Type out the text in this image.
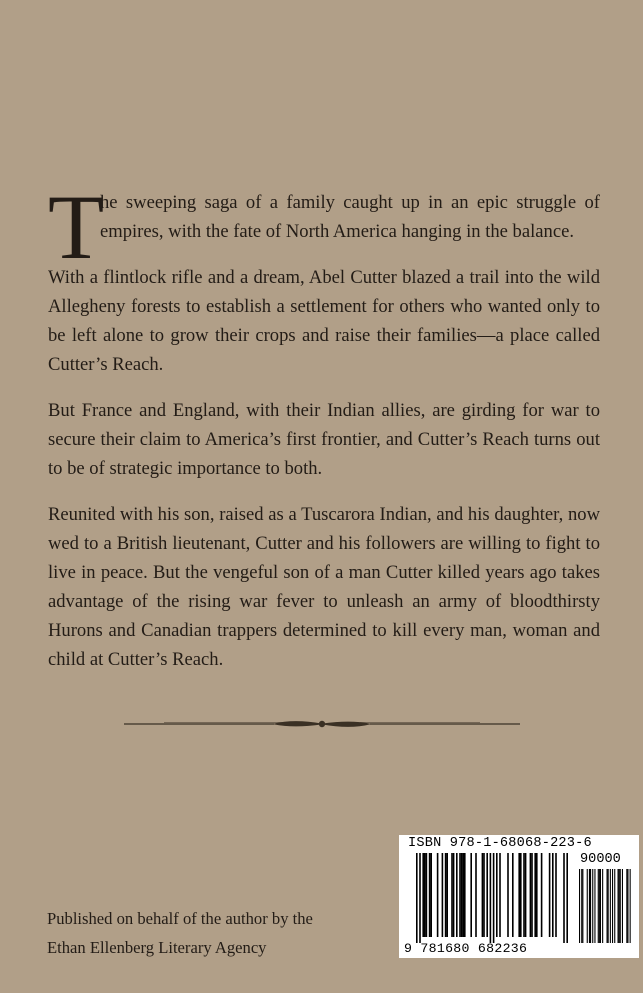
T
he sweeping saga of a family caught up in an epic struggle of empires, with the fate of North America hanging in the balance.

With a flintlock rifle and a dream, Abel Cutter blazed a trail into the wild Allegheny forests to establish a settlement for others who wanted only to be left alone to grow their crops and raise their families—a place called Cutter’s Reach.

But France and England, with their Indian allies, are girding for war to secure their claim to America’s first frontier, and Cutter’s Reach turns out to be of strategic importance to both.

Reunited with his son, raised as a Tuscarora Indian, and his daughter, now wed to a British lieutenant, Cutter and his followers are willing to fight to live in peace. But the vengeful son of a man Cutter killed years ago takes advantage of the rising war fever to unleash an army of bloodthirsty Hurons and Canadian trappers determined to kill every man, woman and child at Cutter’s Reach.

Published on behalf of the author by the
Ethan Ellenberg Literary Agency
ISBN 978-1-68068-223-6
90000
9 781680 682236
